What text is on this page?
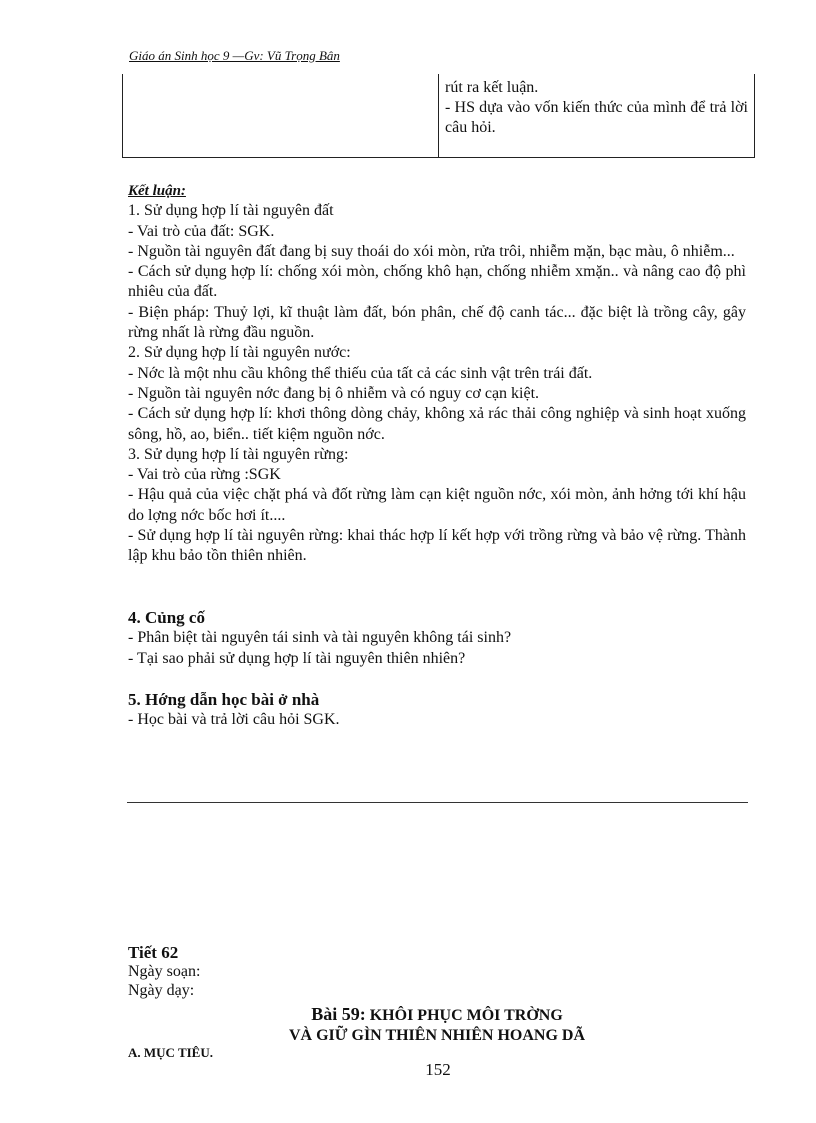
Giáo án Sinh học 9 —Gv: Vũ Trọng Bân
rút ra kết luận.
- HS dựa vào vốn kiến thức của mình để trả lời câu hỏi.

Kết luận:

1. Sử dụng hợp lí tài nguyên đất

- Vai trò của đất: SGK.

- Nguồn tài nguyên đất đang bị suy thoái do xói mòn, rửa trôi, nhiễm mặn, bạc màu, ô nhiễm...

- Cách sử dụng hợp lí: chống xói mòn, chống khô hạn, chống nhiễm xmặn.. và nâng cao độ phì nhiêu của đất.

- Biện pháp: Thuỷ lợi, kĩ thuật làm đất, bón phân, chế độ canh tác... đặc biệt là trồng cây, gây rừng nhất là rừng đầu nguồn.

2. Sử dụng hợp lí tài nguyên nước:

- Nớc là một nhu cầu không thể thiếu của tất cả các sinh vật trên trái đất.

- Nguồn tài nguyên nớc đang bị ô nhiễm và có nguy cơ cạn kiệt.

- Cách sử dụng hợp lí: khơi thông dòng chảy, không xả rác thải công nghiệp và sinh hoạt xuống sông, hồ, ao, biển.. tiết kiệm nguồn nớc.

3. Sử dụng hợp lí tài nguyên rừng:

- Vai trò của rừng :SGK

- Hậu quả của việc chặt phá và đốt rừng làm cạn kiệt nguồn nớc, xói mòn, ảnh hởng tới khí hậu do lợng nớc bốc hơi ít....

- Sử dụng hợp lí tài nguyên rừng: khai thác hợp lí kết hợp với trồng rừng và bảo vệ rừng. Thành lập khu bảo tồn thiên nhiên.

4. Củng cố

- Phân biệt tài nguyên tái sinh và tài nguyên không tái sinh?

- Tại sao phải sử dụng hợp lí tài nguyên thiên nhiên?

5. Hớng dẫn học bài ở nhà

- Học bài và trả lời câu hỏi SGK.

Tiết 62
Ngày soạn:
Ngày dạy:
Bài 59: KHÔI PHỤC MÔI TRỜNG
VÀ GIỮ GÌN THIÊN NHIÊN HOANG DÃ
A. MỤC TIÊU.
152
